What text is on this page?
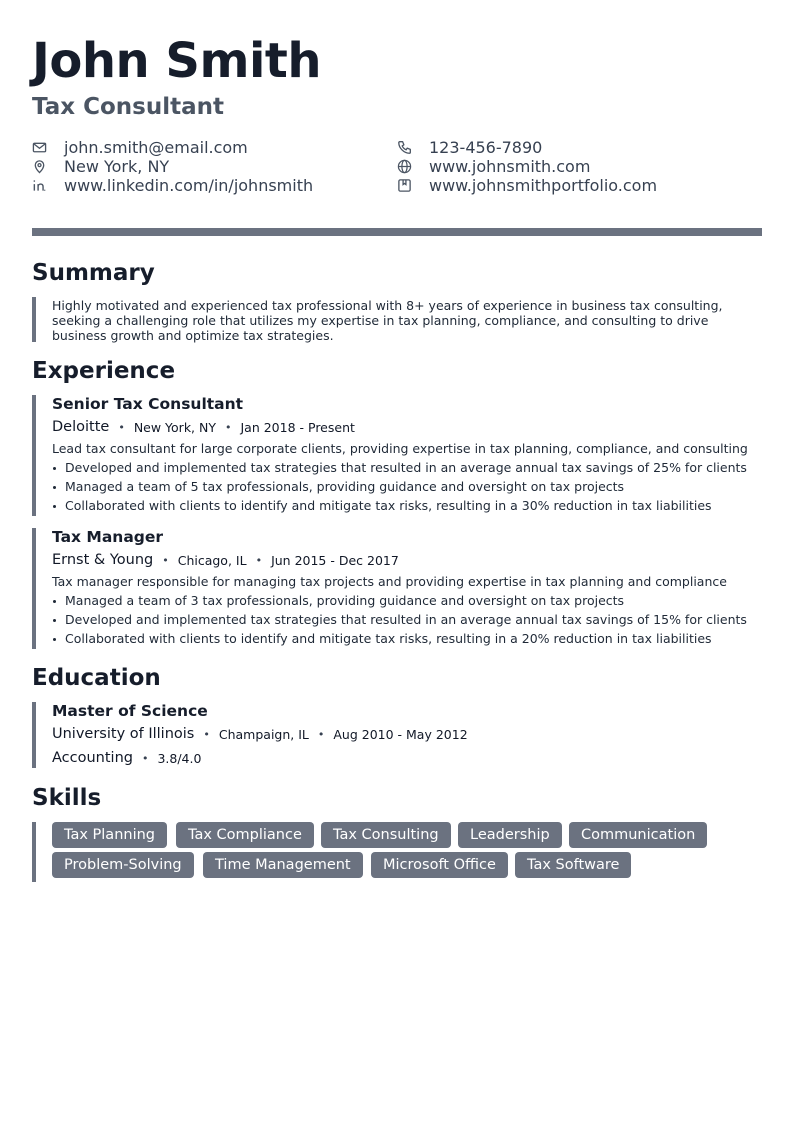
John Smith
Tax Consultant
john.smith@email.com	123-456-7890
New York, NY	www.johnsmith.com
www.linkedin.com/in/johnsmith	www.johnsmithportfolio.com
Summary
Highly motivated and experienced tax professional with 8+ years of experience in business tax consulting, seeking a challenging role that utilizes my expertise in tax planning, compliance, and consulting to drive business growth and optimize tax strategies.
Experience
Senior Tax Consultant
Deloitte • New York, NY • Jan 2018 - Present
Lead tax consultant for large corporate clients, providing expertise in tax planning, compliance, and consulting
Developed and implemented tax strategies that resulted in an average annual tax savings of 25% for clients
Managed a team of 5 tax professionals, providing guidance and oversight on tax projects
Collaborated with clients to identify and mitigate tax risks, resulting in a 30% reduction in tax liabilities
Tax Manager
Ernst & Young • Chicago, IL • Jun 2015 - Dec 2017
Tax manager responsible for managing tax projects and providing expertise in tax planning and compliance
Managed a team of 3 tax professionals, providing guidance and oversight on tax projects
Developed and implemented tax strategies that resulted in an average annual tax savings of 15% for clients
Collaborated with clients to identify and mitigate tax risks, resulting in a 20% reduction in tax liabilities
Education
Master of Science
University of Illinois • Champaign, IL • Aug 2010 - May 2012
Accounting • 3.8/4.0
Skills
Tax Planning	Tax Compliance	Tax Consulting	Leadership	Communication
Problem-Solving	Time Management	Microsoft Office	Tax Software
